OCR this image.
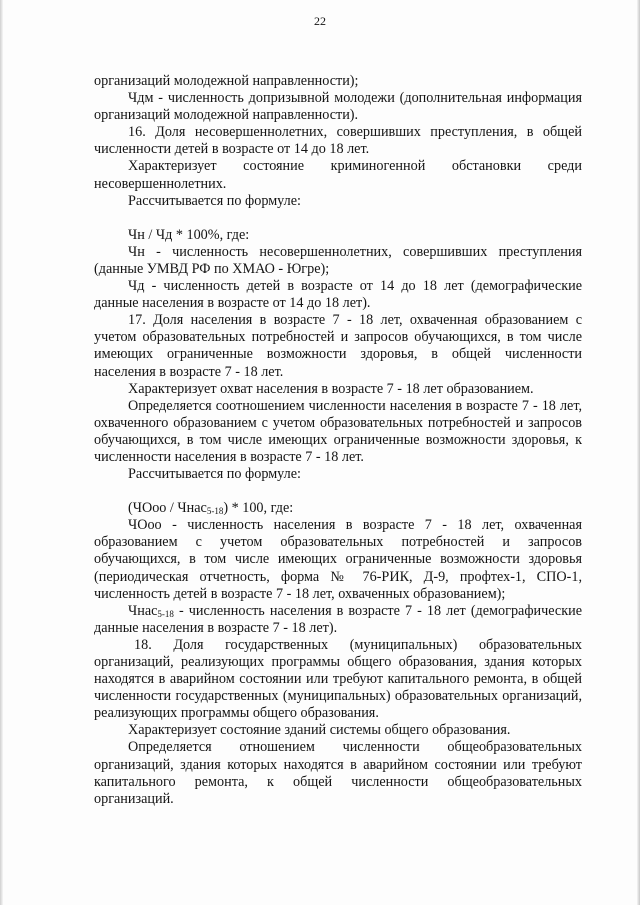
22

организаций молодежной направленности);

Чдм - численность допризывной молодежи (дополнительная информация организаций молодежной направленности).

16. Доля несовершеннолетних, совершивших преступления, в общей численности детей в возрасте от 14 до 18 лет.

Характеризует состояние криминогенной обстановки среди несовершеннолетних.

Рассчитывается по формуле:

Чн / Чд * 100%, где:

Чн - численность несовершеннолетних, совершивших преступления (данные УМВД РФ по ХМАО - Югре);

Чд - численность детей в возрасте от 14 до 18 лет (демографические данные населения в возрасте от 14 до 18 лет).

17. Доля населения в возрасте 7 - 18 лет, охваченная образованием с учетом образовательных потребностей и запросов обучающихся, в том числе имеющих ограниченные возможности здоровья, в общей численности населения в возрасте 7 - 18 лет.

Характеризует охват населения в возрасте 7 - 18 лет образованием.

Определяется соотношением численности населения в возрасте 7 - 18 лет, охваченного образованием с учетом образовательных потребностей и запросов обучающихся, в том числе имеющих ограниченные возможности здоровья, к численности населения в возрасте 7 - 18 лет.

Рассчитывается по формуле:

(ЧОоо / Чнас$_{5-18}$) * 100, где:

ЧОоо - численность населения в возрасте 7 - 18 лет, охваченная образованием с учетом образовательных потребностей и запросов обучающихся, в том числе имеющих ограниченные возможности здоровья (периодическая отчетность, форма № 76-РИК, Д-9, профтех-1, СПО-1, численность детей в возрасте 7 - 18 лет, охваченных образованием);

Чнас$_{5-18}$ - численность населения в возрасте 7 - 18 лет (демографические данные населения в возрасте 7 - 18 лет).

18. Доля государственных (муниципальных) образовательных организаций, реализующих программы общего образования, здания которых находятся в аварийном состоянии или требуют капитального ремонта, в общей численности государственных (муниципальных) образовательных организаций, реализующих программы общего образования.

Характеризует состояние зданий системы общего образования.

Определяется отношением численности общеобразовательных организаций, здания которых находятся в аварийном состоянии или требуют капитального ремонта, к общей численности общеобразовательных организаций.
